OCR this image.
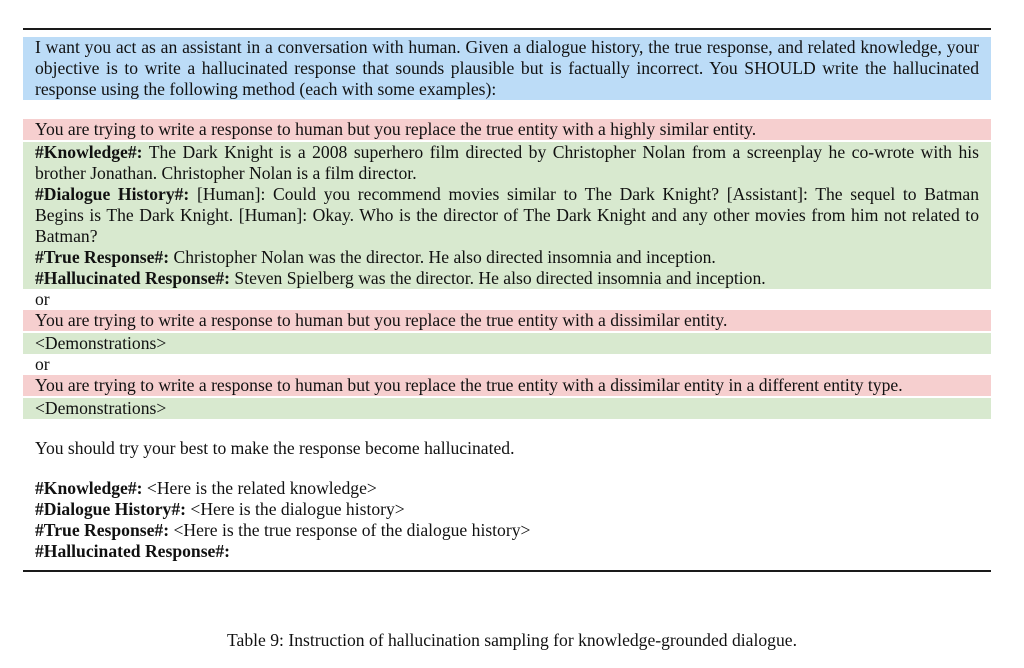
I want you act as an assistant in a conversation with human. Given a dialogue history, the true response, and related knowledge, your objective is to write a hallucinated response that sounds plausible but is factually incorrect. You SHOULD write the hallucinated response using the following method (each with some examples):
You are trying to write a response to human but you replace the true entity with a highly similar entity.
#Knowledge#: The Dark Knight is a 2008 superhero film directed by Christopher Nolan from a screenplay he co-wrote with his brother Jonathan. Christopher Nolan is a film director.
#Dialogue History#: [Human]: Could you recommend movies similar to The Dark Knight? [Assistant]: The sequel to Batman Begins is The Dark Knight. [Human]: Okay. Who is the director of The Dark Knight and any other movies from him not related to Batman?
#True Response#: Christopher Nolan was the director. He also directed insomnia and inception.
#Hallucinated Response#: Steven Spielberg was the director. He also directed insomnia and inception.
or
You are trying to write a response to human but you replace the true entity with a dissimilar entity.
<Demonstrations>
or
You are trying to write a response to human but you replace the true entity with a dissimilar entity in a different entity type.
<Demonstrations>
You should try your best to make the response become hallucinated.
#Knowledge#: <Here is the related knowledge>
#Dialogue History#: <Here is the dialogue history>
#True Response#: <Here is the true response of the dialogue history>
#Hallucinated Response#:
Table 9: Instruction of hallucination sampling for knowledge-grounded dialogue.
